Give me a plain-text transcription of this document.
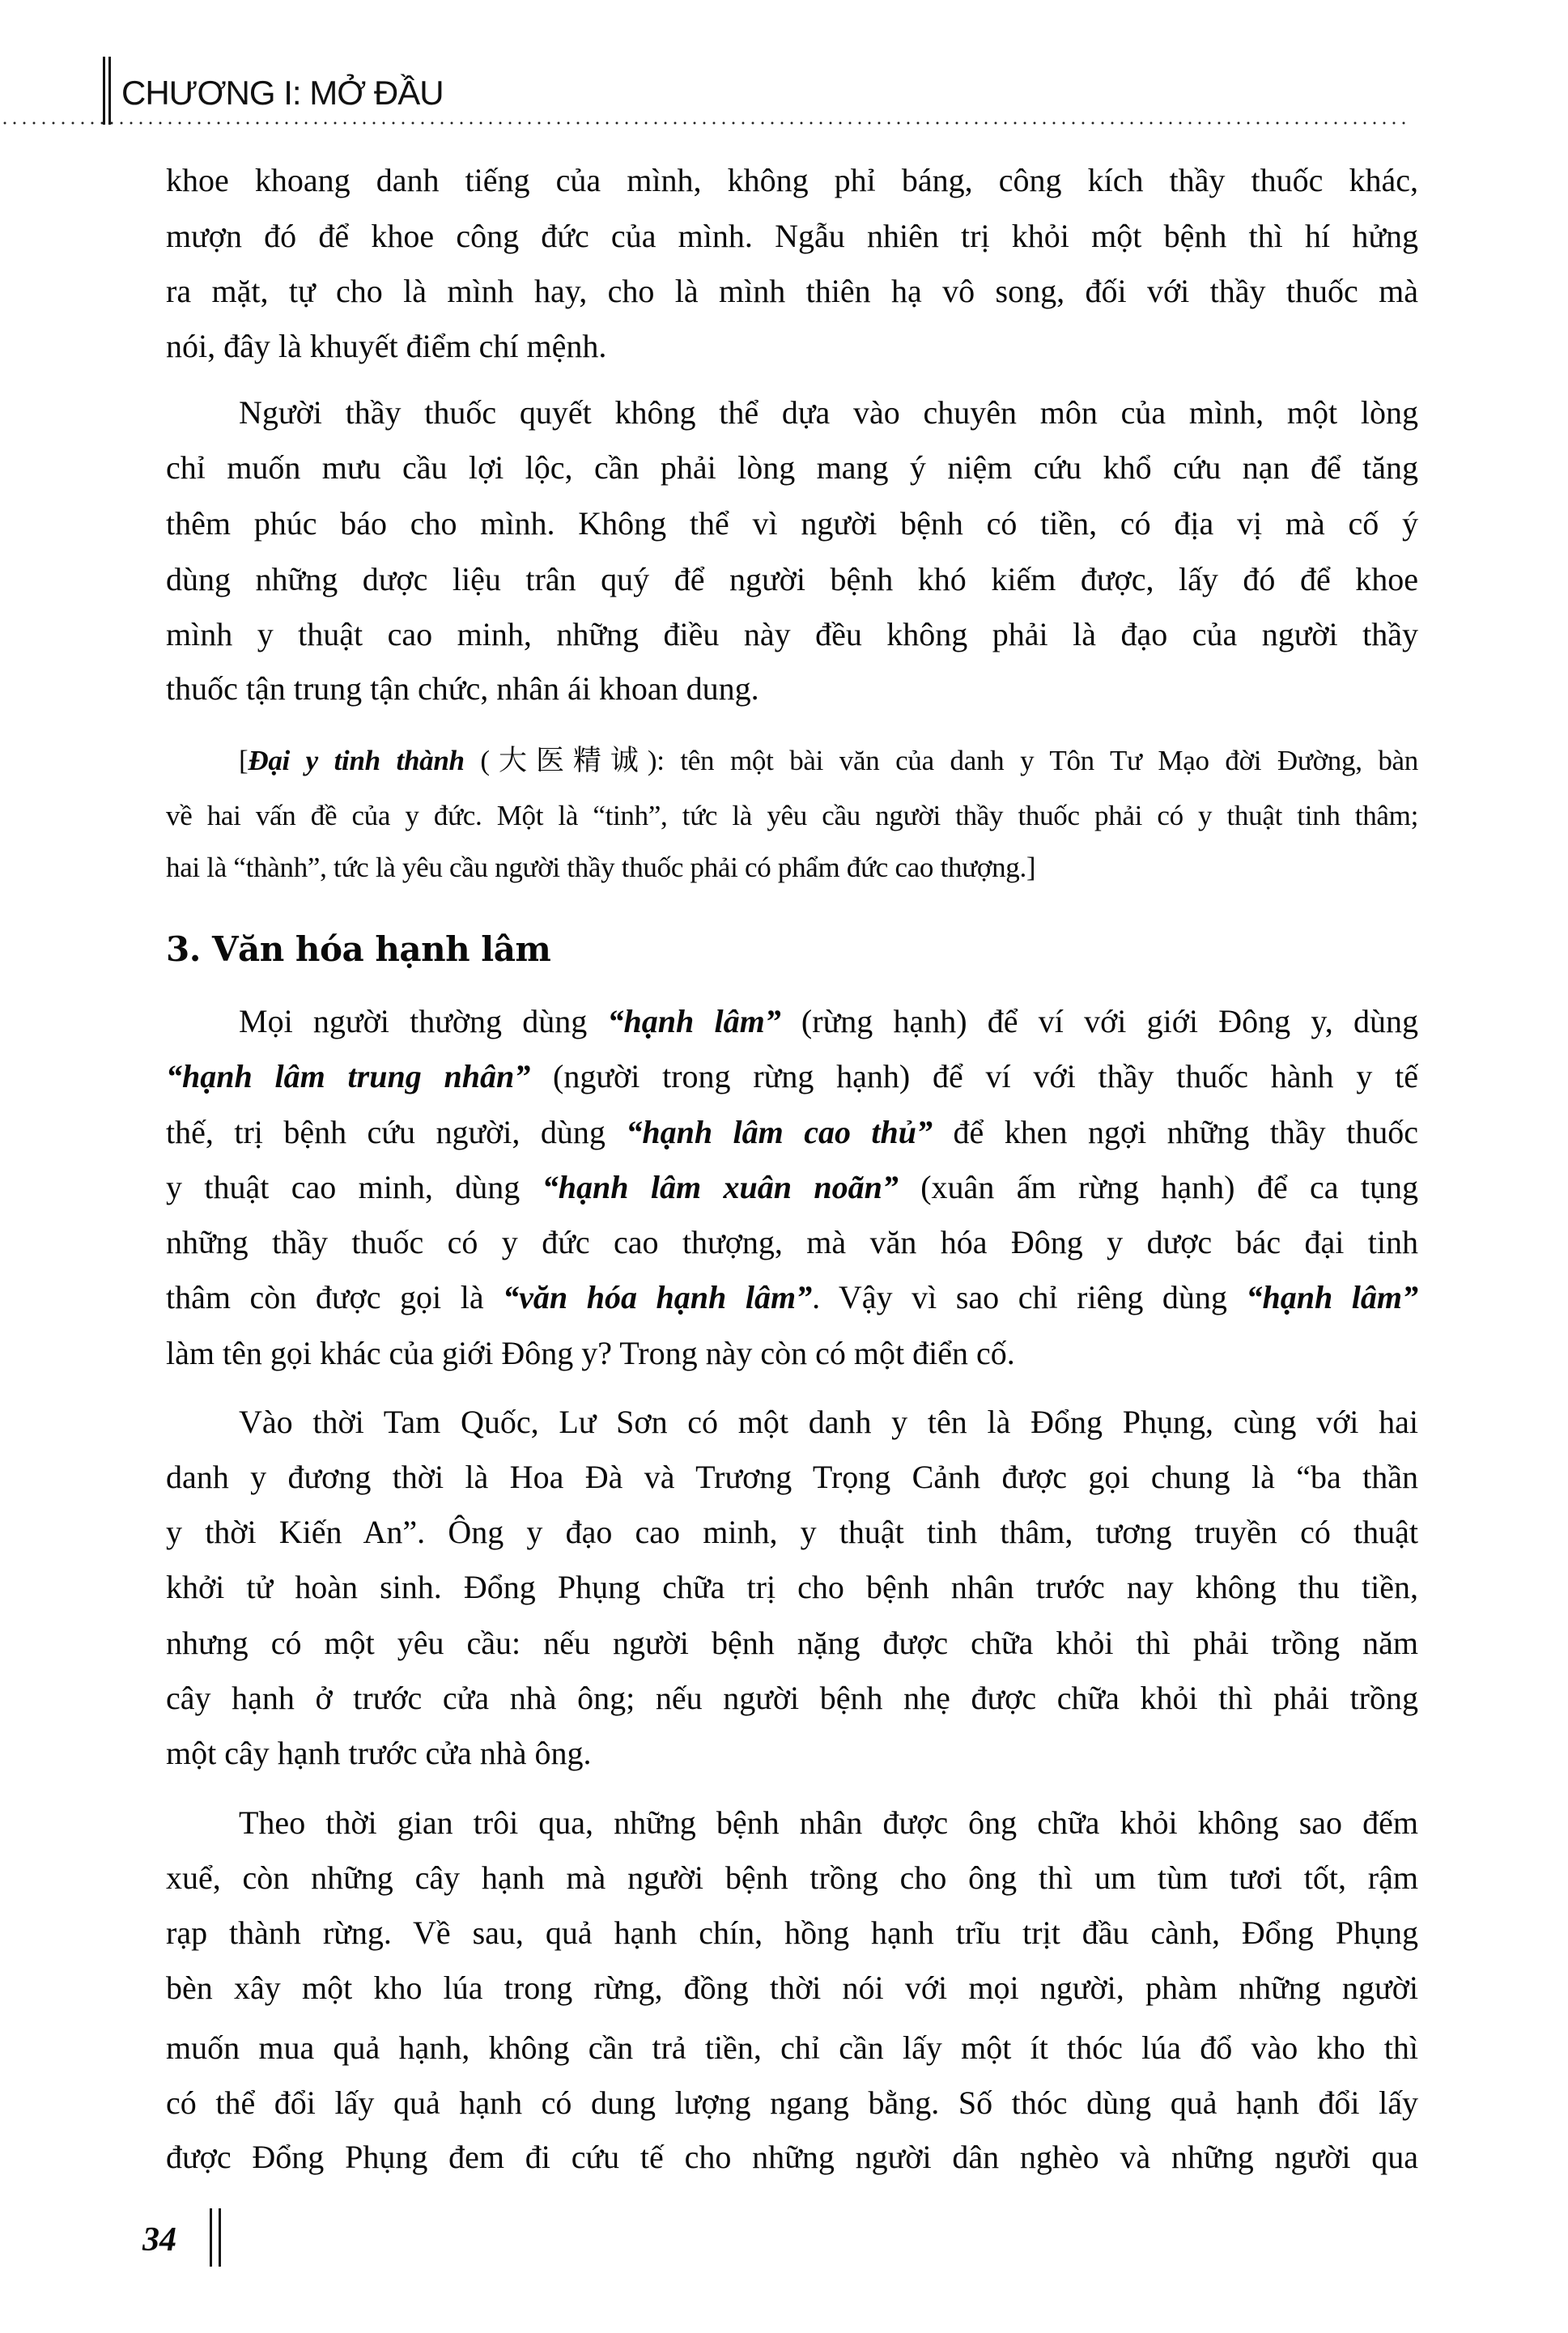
CHƯƠNG I: MỞ ĐẦU
khoe khoang danh tiếng của mình, không phỉ báng, công kích thầy thuốc khác,
mượn đó để khoe công đức của mình. Ngẫu nhiên trị khỏi một bệnh thì hí hửng
ra mặt, tự cho là mình hay, cho là mình thiên hạ vô song, đối với thầy thuốc mà
nói, đây là khuyết điểm chí mệnh.
Người thầy thuốc quyết không thể dựa vào chuyên môn của mình, một lòng
chỉ muốn mưu cầu lợi lộc, cần phải lòng mang ý niệm cứu khổ cứu nạn để tăng
thêm phúc báo cho mình. Không thể vì người bệnh có tiền, có địa vị mà cố ý
dùng những dược liệu trân quý để người bệnh khó kiếm được, lấy đó để khoe
mình y thuật cao minh, những điều này đều không phải là đạo của người thầy
thuốc tận trung tận chức, nhân ái khoan dung.
[Đại y tinh thành (大医精诚): tên một bài văn của danh y Tôn Tư Mạo đời Đường, bàn
về hai vấn đề của y đức. Một là “tinh”, tức là yêu cầu người thầy thuốc phải có y thuật tinh thâm;
hai là “thành”, tức là yêu cầu người thầy thuốc phải có phẩm đức cao thượng.]
3. Văn hóa hạnh lâm
Mọi người thường dùng “hạnh lâm” (rừng hạnh) để ví với giới Đông y, dùng
“hạnh lâm trung nhân” (người trong rừng hạnh) để ví với thầy thuốc hành y tế
thế, trị bệnh cứu người, dùng “hạnh lâm cao thủ” để khen ngợi những thầy thuốc
y thuật cao minh, dùng “hạnh lâm xuân noãn” (xuân ấm rừng hạnh) để ca tụng
những thầy thuốc có y đức cao thượng, mà văn hóa Đông y dược bác đại tinh
thâm còn được gọi là “văn hóa hạnh lâm”. Vậy vì sao chỉ riêng dùng “hạnh lâm”
làm tên gọi khác của giới Đông y? Trong này còn có một điển cố.
Vào thời Tam Quốc, Lư Sơn có một danh y tên là Đổng Phụng, cùng với hai
danh y đương thời là Hoa Đà và Trương Trọng Cảnh được gọi chung là “ba thần
y thời Kiến An”. Ông y đạo cao minh, y thuật tinh thâm, tương truyền có thuật
khởi tử hoàn sinh. Đổng Phụng chữa trị cho bệnh nhân trước nay không thu tiền,
nhưng có một yêu cầu: nếu người bệnh nặng được chữa khỏi thì phải trồng năm
cây hạnh ở trước cửa nhà ông; nếu người bệnh nhẹ được chữa khỏi thì phải trồng
một cây hạnh trước cửa nhà ông.
Theo thời gian trôi qua, những bệnh nhân được ông chữa khỏi không sao đếm
xuể, còn những cây hạnh mà người bệnh trồng cho ông thì um tùm tươi tốt, rậm
rạp thành rừng. Về sau, quả hạnh chín, hồng hạnh trĩu trịt đầu cành, Đổng Phụng
bèn xây một kho lúa trong rừng, đồng thời nói với mọi người, phàm những người
muốn mua quả hạnh, không cần trả tiền, chỉ cần lấy một ít thóc lúa đổ vào kho thì
có thể đổi lấy quả hạnh có dung lượng ngang bằng. Số thóc dùng quả hạnh đổi lấy
được Đổng Phụng đem đi cứu tế cho những người dân nghèo và những người qua
34
